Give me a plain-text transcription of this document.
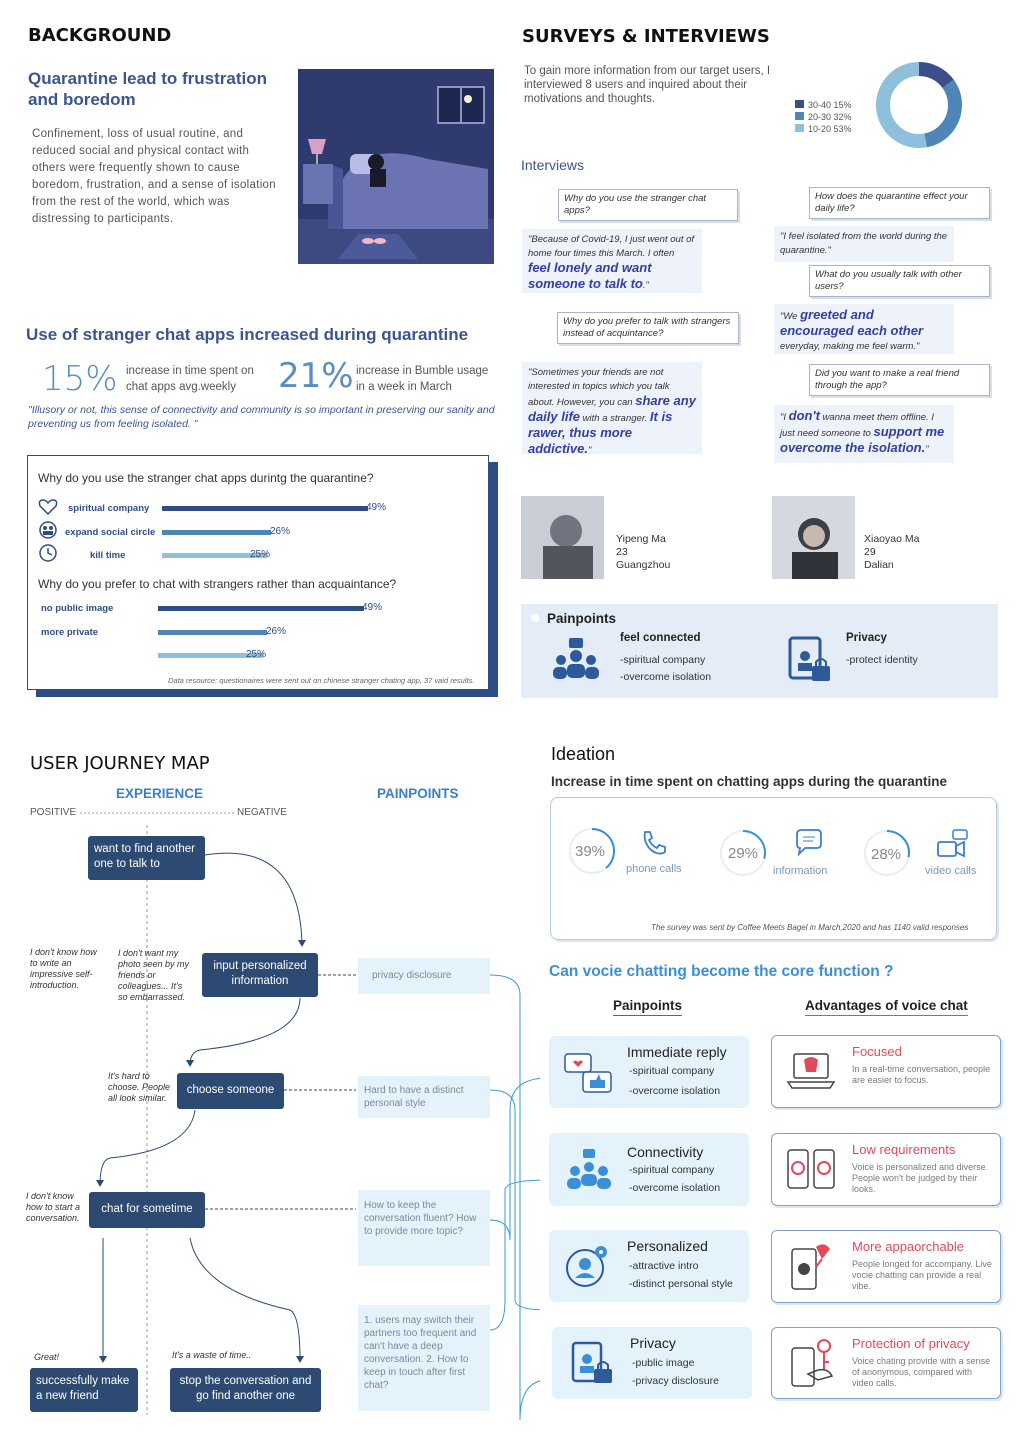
BACKGROUND
Quarantine lead to frustration and boredom
Confinement, loss of usual routine, and reduced social and physical contact with others were frequently shown to cause boredom, frustration, and a sense of isolation from the rest of the world, which was distressing to participants.
Use of stranger chat apps increased during quarantine
15% increase in time spent on chat apps avg.weekly	21% increase in Bumble usage in a week in March
"Illusory or not, this sense of connectivity and community is so important in preserving our sanity and preventing us from feeling isolated. "
Why do you use the stranger chat apps durintg the quarantine?
spiritual company	49%
expand social circle	26%
kill time	25%
Why do you prefer to chat with strangers rather than acquaintance?
no public image	49%
more private	26%
25%
Data resource: questionaires were sent out on chinese stranger chating app, 37 vaid results.
SURVEYS & INTERVIEWS
To gain more information from our target users, I interviewed 8 users and inquired about their motivations and thoughts.	30-40 15%
20-30 32%
10-20 53%
Interviews
Why do you use the stranger chat apps?
"Because of Covid-19, I just went out of home four times this March. I often feel lonely and want someone to talk to."
Why do you prefer to talk with strangers instead of acquintance?
"Sometimes your friends are not interested in topics which you talk about. However, you can share any daily life with a stranger. It is rawer, thus more addictive."
How does the quarantine effect your daily life?
"I feel isolated from the world during the quarantine."
What do you usually talk with other users?
"We greeted and encouraged each other everyday, making me feel warm."
Did you want to make a real friend through the app?
"I don't wanna meet them offline. I just need someone to support me overcome the isolation."
Yipeng Ma
23
Guangzhou
Xiaoyao Ma
29
Dalian
Painpoints
feel connected
-spiritual company
-overcome isolation
Privacy
-protect identity
USER JOURNEY MAP
EXPERIENCE	PAINPOINTS
POSITIVE	NEGATIVE
want to find another one to talk to
input personalized information
choose someone
chat for sometime
successfully make a new friend
stop the conversation and go find another one
I don't know how to write an impressive self-introduction.
I don't want my photo seen by my friends or colleagues... It's so embarrassed.
It's hard to choose. People all look similar.
I don't know how to start a conversation.
Great!	It's a waste of time..
privacy disclosure
Hard to have a distinct personal style
How to keep the conversation fluent? How to provide more topic?
1. users may switch their partners too frequent and can't have a deep conversation. 2. How to keep in touch after first chat?
Ideation
Increase in time spent on chatting apps during the quarantine
39%
phone calls
29%
information
28%
video calls
The survey was sent by Coffee Meets Bagel in March,2020 and has 1140 valid responses
Can vocie chatting become the core function ?
Painpoints	Advantages of voice chat
Immediate reply
-spiritual company
-overcome isolation
Connectivity
-spiritual company
-overcome isolation
Personalized
-attractive intro
-distinct personal style
Privacy
-public image
-privacy disclosure
Focused
In a real-time conversation, people are easier to focus.
Low requirements
Voice is personalized and diverse. People won't be judged by their looks.
More appaorchable
People longed for accompany. Live vocie chatting can provide a real vibe.
Protection of privacy
Voice chating provide with a sense of anonymous, compared with video calls.
